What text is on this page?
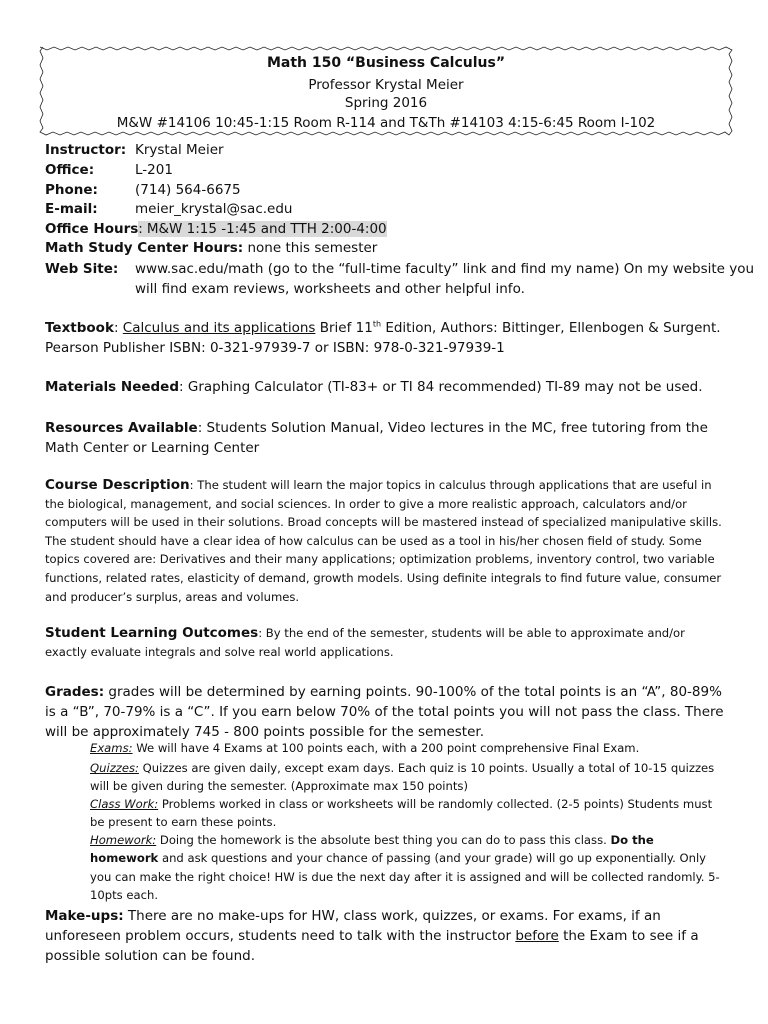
Math 150 “Business Calculus”
Professor Krystal Meier
Spring 2016
M&W #14106 10:45-1:15 Room R-114 and T&Th #14103 4:15-6:45 Room I-102
Instructor: Krystal Meier
Office:	L-201
Phone:	(714) 564-6675
E-mail:	meier_krystal@sac.edu
Office Hours: M&W 1:15 -1:45 and TTH 2:00-4:00
Math Study Center Hours: none this semester
Web Site: www.sac.edu/math (go to the “full-time faculty” link and find my name) On my website you
will find exam reviews, worksheets and other helpful info.
Textbook: Calculus and its applications Brief 11th Edition, Authors: Bittinger, Ellenbogen & Surgent.
Pearson Publisher ISBN: 0-321-97939-7 or ISBN: 978-0-321-97939-1
Materials Needed: Graphing Calculator (TI-83+ or TI 84 recommended) TI-89 may not be used.
Resources Available: Students Solution Manual, Video lectures in the MC, free tutoring from the Math Center or Learning Center
Course Description: The student will learn the major topics in calculus through applications that are useful in the biological, management, and social sciences. In order to give a more realistic approach, calculators and/or computers will be used in their solutions. Broad concepts will be mastered instead of specialized manipulative skills. The student should have a clear idea of how calculus can be used as a tool in his/her chosen field of study. Some topics covered are: Derivatives and their many applications; optimization problems, inventory control, two variable functions, related rates, elasticity of demand, growth models. Using definite integrals to find future value, consumer and producer’s surplus, areas and volumes.
Student Learning Outcomes: By the end of the semester, students will be able to approximate and/or exactly evaluate integrals and solve real world applications.
Grades: grades will be determined by earning points. 90-100% of the total points is an “A”, 80-89% is a “B”, 70-79% is a “C”. If you earn below 70% of the total points you will not pass the class. There will be approximately 745 - 800 points possible for the semester.
Exams: We will have 4 Exams at 100 points each, with a 200 point comprehensive Final Exam.
Quizzes: Quizzes are given daily, except exam days. Each quiz is 10 points. Usually a total of 10-15 quizzes will be given during the semester. (Approximate max 150 points)
Class Work: Problems worked in class or worksheets will be randomly collected. (2-5 points) Students must be present to earn these points.
Homework: Doing the homework is the absolute best thing you can do to pass this class. Do the homework and ask questions and your chance of passing (and your grade) will go up exponentially. Only you can make the right choice! HW is due the next day after it is assigned and will be collected randomly. 5-10pts each.
Make-ups: There are no make-ups for HW, class work, quizzes, or exams. For exams, if an unforeseen problem occurs, students need to talk with the instructor before the Exam to see if a possible solution can be found.
